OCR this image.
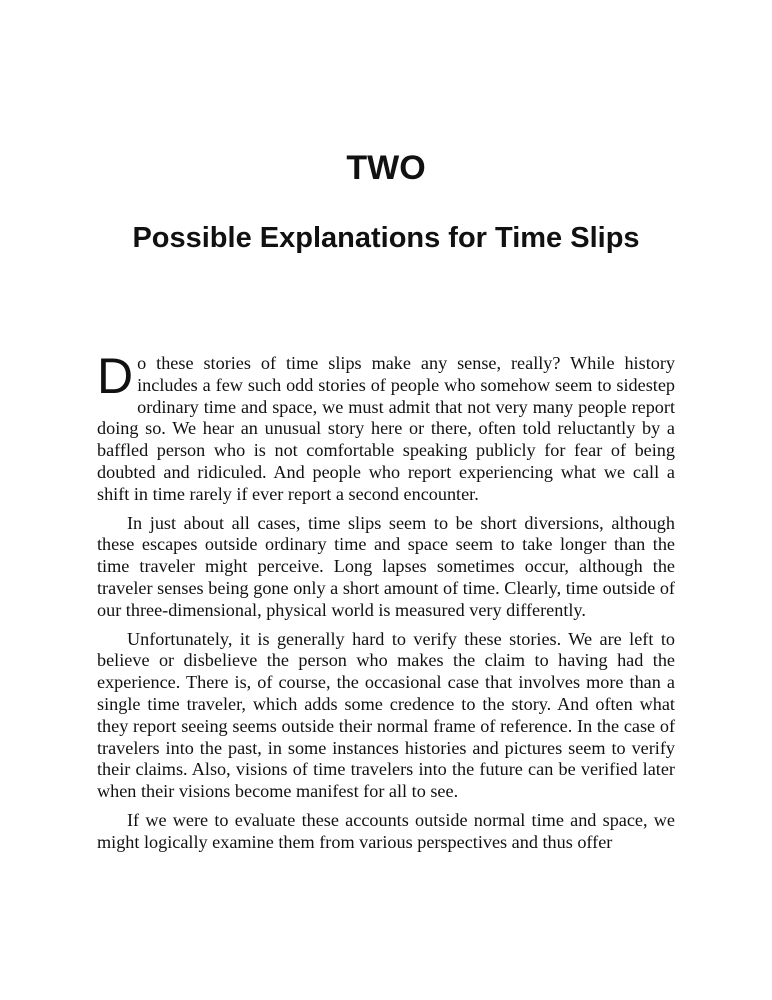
TWO
Possible Explanations for Time Slips

Do these stories of time slips make any sense, really? While history includes a few such odd stories of people who somehow seem to sidestep ordinary time and space, we must admit that not very many people report doing so. We hear an unusual story here or there, often told reluctantly by a baffled person who is not comfortable speaking publicly for fear of being doubted and ridiculed. And people who report experiencing what we call a shift in time rarely if ever report a second encounter.

In just about all cases, time slips seem to be short diversions, although these escapes outside ordinary time and space seem to take longer than the time traveler might perceive. Long lapses sometimes occur, although the traveler senses being gone only a short amount of time. Clearly, time outside of our three-dimensional, physical world is measured very differently.

Unfortunately, it is generally hard to verify these stories. We are left to believe or disbelieve the person who makes the claim to having had the experience. There is, of course, the occasional case that involves more than a single time traveler, which adds some credence to the story. And often what they report seeing seems outside their normal frame of reference. In the case of travelers into the past, in some instances histories and pictures seem to verify their claims. Also, visions of time travelers into the future can be verified later when their visions become manifest for all to see.

If we were to evaluate these accounts outside normal time and space, we might logically examine them from various perspectives and thus offer
